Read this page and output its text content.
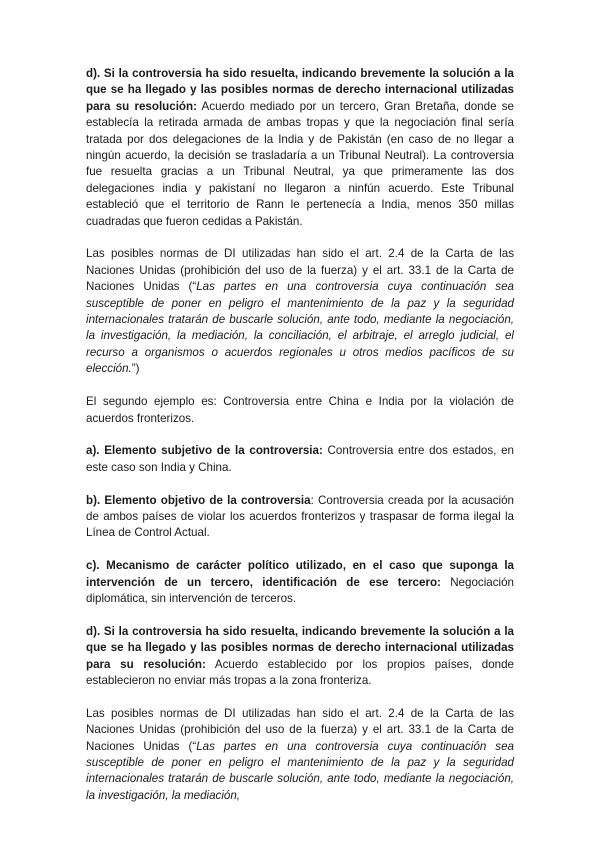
d). Si la controversia ha sido resuelta, indicando brevemente la solución a la que se ha llegado y las posibles normas de derecho internacional utilizadas para su resolución: Acuerdo mediado por un tercero, Gran Bretaña, donde se establecía la retirada armada de ambas tropas y que la negociación final sería tratada por dos delegaciones de la India y de Pakistán (en caso de no llegar a ningún acuerdo, la decisión se trasladaría a un Tribunal Neutral). La controversia fue resuelta gracias a un Tribunal Neutral, ya que primeramente las dos delegaciones india y pakistaní no llegaron a ninfún acuerdo. Este Tribunal estableció que el territorio de Rann le pertenecía a India, menos 350 millas cuadradas que fueron cedidas a Pakistán.

Las posibles normas de DI utilizadas han sido el art. 2.4 de la Carta de las Naciones Unidas (prohibición del uso de la fuerza) y el art. 33.1 de la Carta de Naciones Unidas (“Las partes en una controversia cuya continuación sea susceptible de poner en peligro el mantenimiento de la paz y la seguridad internacionales tratarán de buscarle solución, ante todo, mediante la negociación, la investigación, la mediación, la conciliación, el arbitraje, el arreglo judicial, el recurso a organismos o acuerdos regionales u otros medios pacíficos de su elección.”)

El segundo ejemplo es: Controversia entre China e India por la violación de acuerdos fronterizos.

a). Elemento subjetivo de la controversia: Controversia entre dos estados, en este caso son India y China.

b). Elemento objetivo de la controversia: Controversia creada por la acusación de ambos países de violar los acuerdos fronterizos y traspasar de forma ilegal la Línea de Control Actual.

c). Mecanismo de carácter político utilizado, en el caso que suponga la intervención de un tercero, identificación de ese tercero: Negociación diplomática, sin intervención de terceros.

d). Si la controversia ha sido resuelta, indicando brevemente la solución a la que se ha llegado y las posibles normas de derecho internacional utilizadas para su resolución: Acuerdo establecido por los propios países, donde establecieron no enviar más tropas a la zona fronteriza.

Las posibles normas de DI utilizadas han sido el art. 2.4 de la Carta de las Naciones Unidas (prohibición del uso de la fuerza) y el art. 33.1 de la Carta de Naciones Unidas (“Las partes en una controversia cuya continuación sea susceptible de poner en peligro el mantenimiento de la paz y la seguridad internacionales tratarán de buscarle solución, ante todo, mediante la negociación, la investigación, la mediación,
